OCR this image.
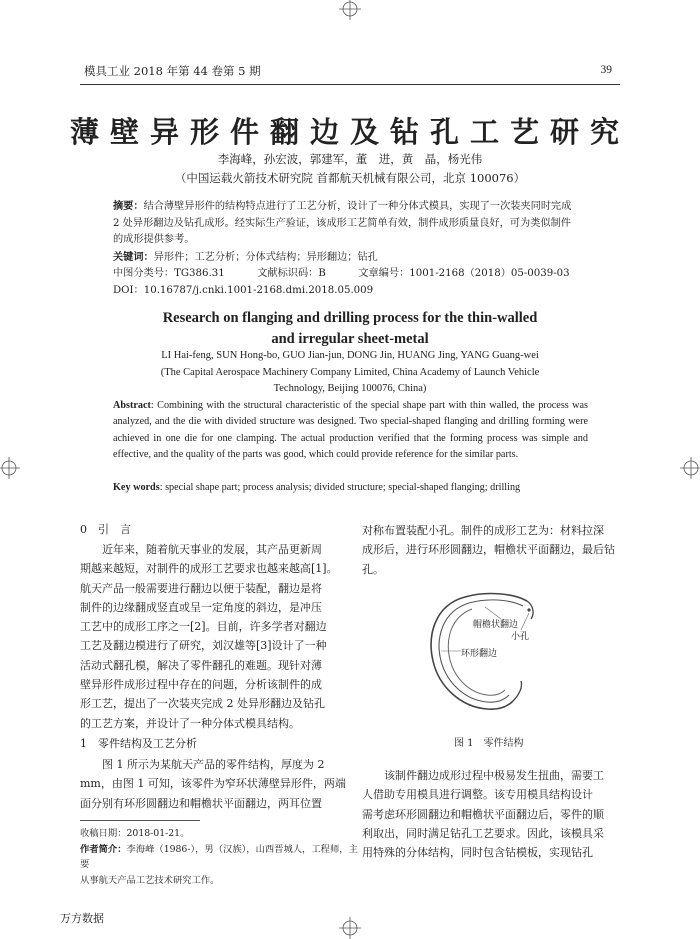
模具工业 2018 年第 44 卷第 5 期	39
薄壁异形件翻边及钻孔工艺研究
李海峰，孙宏波，郭建军，董　进，黄　晶，杨光伟
（中国运载火箭技术研究院 首都航天机械有限公司，北京 100076）
摘要：结合薄壁异形件的结构特点进行了工艺分析，设计了一种分体式模具，实现了一次装夹同时完成
2 处异形翻边及钻孔成形。经实际生产验证，该成形工艺简单有效，制件成形质量良好，可为类似制件
的成形提供参考。
关键词：异形件；工艺分析；分体式结构；异形翻边；钻孔
中图分类号：TG386.31	文献标识码：B	文章编号：1001-2168（2018）05-0039-03
DOI：10.16787/j.cnki.1001-2168.dmi.2018.05.009
Research on flanging and drilling process for the thin-walled
and irregular sheet-metal
LI Hai-feng, SUN Hong-bo, GUO Jian-jun, DONG Jin, HUANG Jing, YANG Guang-wei
(The Capital Aerospace Machinery Company Limited, China Academy of Launch Vehicle
Technology, Beijing 100076, China)
Abstract: Combining with the structural characteristic of the special shape part with thin walled, the process was analyzed, and the die with divided structure was designed. Two special-shaped flanging and drilling forming were achieved in one die for one clamping. The actual production verified that the forming process was simple and effective, and the quality of the parts was good, which could provide reference for the similar parts.
Key words: special shape part; process analysis; divided structure; special-shaped flanging; drilling
0　引　言
　　近年来，随着航天事业的发展，其产品更新周
期越来越短，对制件的成形工艺要求也越来越高[1]。
航天产品一般需要进行翻边以便于装配，翻边是将
制件的边缘翻成竖直或呈一定角度的斜边，是冲压
工艺中的成形工序之一[2]。目前，许多学者对翻边
工艺及翻边模进行了研究，刘汉雄等[3]设计了一种
活动式翻孔模，解决了零件翻孔的难题。现针对薄
壁异形件成形过程中存在的问题，分析该制件的成
形工艺，提出了一次装夹完成 2 处异形翻边及钻孔
的工艺方案，并设计了一种分体式模具结构。
1　零件结构及工艺分析
　　图 1 所示为某航天产品的零件结构，厚度为 2
mm，由图 1 可知，该零件为窄环状薄壁异形件，两端
面分别有环形圆翻边和帽檐状平面翻边，两耳位置
收稿日期：2018-01-21。
作者简介：李海峰（1986-），男（汉族），山西晋城人，工程师，主要
从事航天产品工艺技术研究工作。
对称布置装配小孔。制件的成形工艺为：材料拉深
成形后，进行环形圆翻边，帽檐状平面翻边，最后钻
孔。
帽檐状翻边
小孔
环形翻边
图 1　零件结构
　　该制件翻边成形过程中极易发生扭曲，需要工
人借助专用模具进行调整。该专用模具结构设计
需考虑环形圆翻边和帽檐状平面翻边后，零件的顺
利取出，同时满足钻孔工艺要求。因此，该模具采
用特殊的分体结构，同时包含钻模板，实现钻孔
万方数据
